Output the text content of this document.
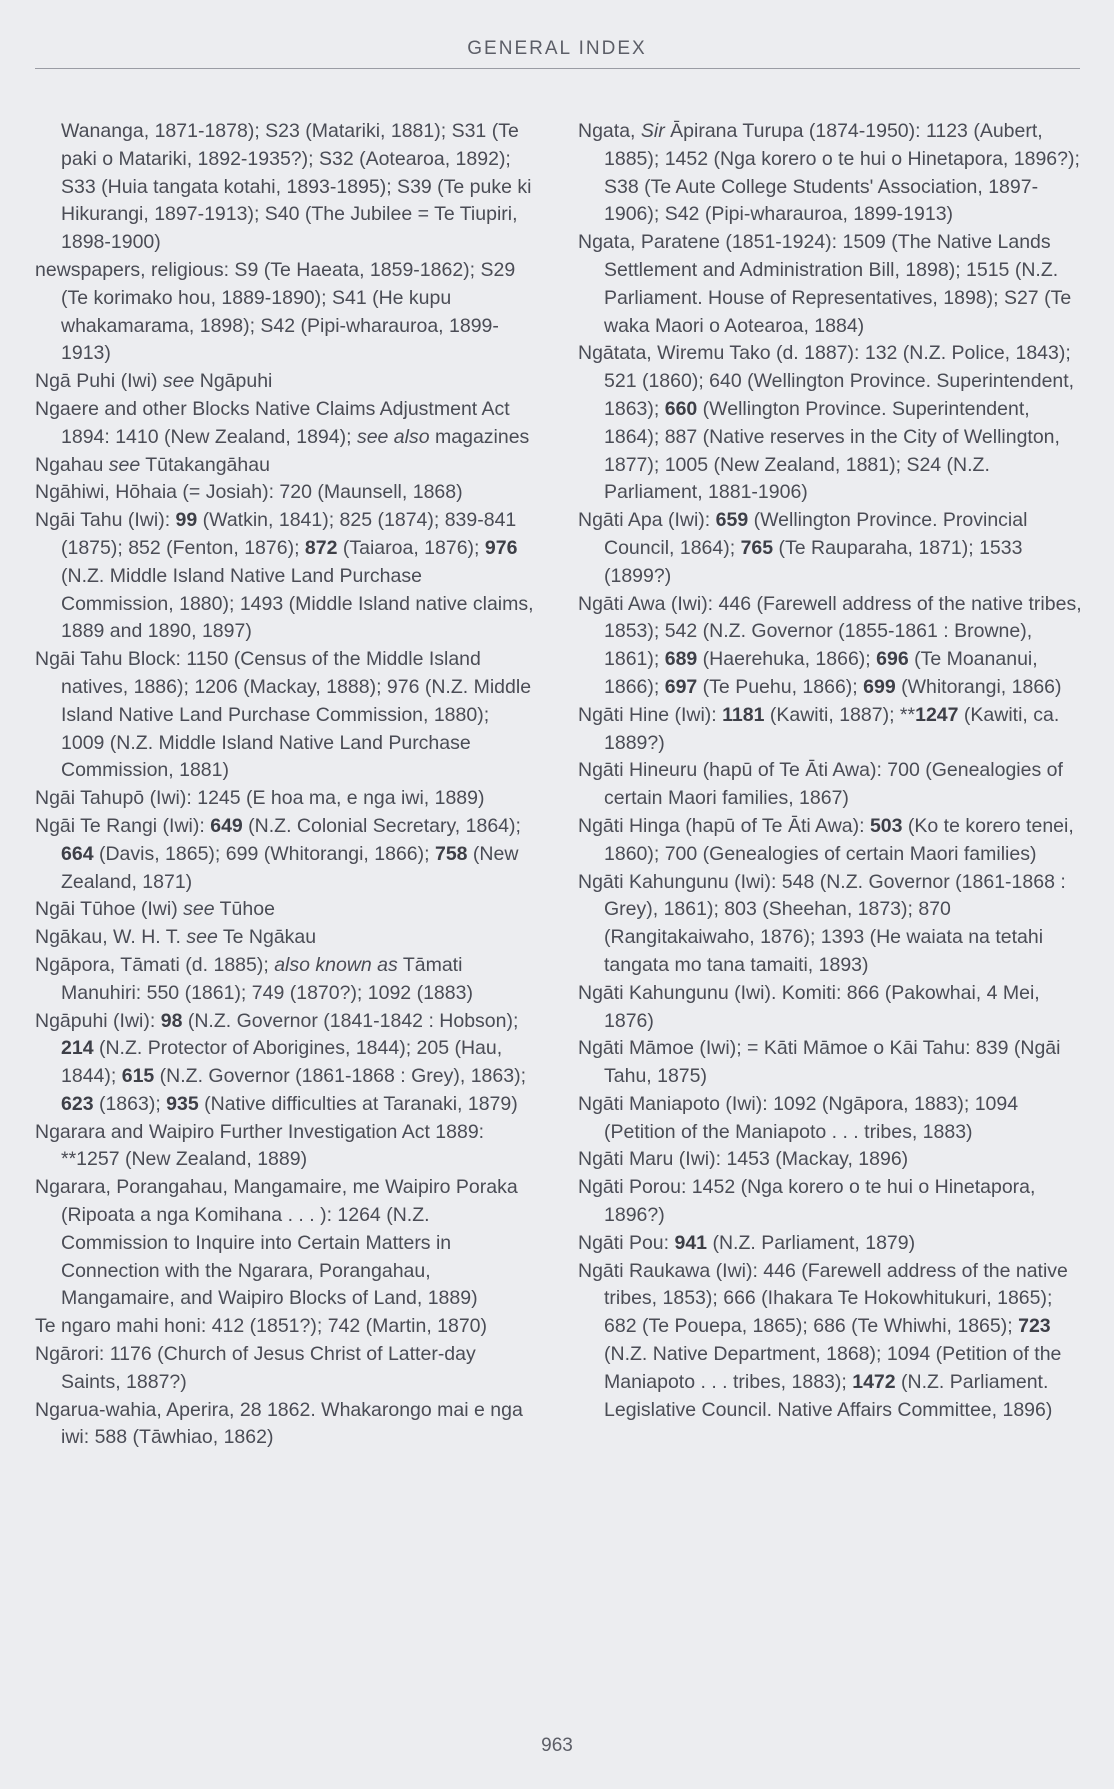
GENERAL INDEX

Wananga, 1871-1878); S23 (Matariki, 1881); S31 (Te paki o Matariki, 1892-1935?); S32 (Aotearoa, 1892); S33 (Huia tangata kotahi, 1893-1895); S39 (Te puke ki Hikurangi, 1897-1913); S40 (The Jubilee = Te Tiupiri, 1898-1900)

newspapers, religious: S9 (Te Haeata, 1859-1862); S29 (Te korimako hou, 1889-1890); S41 (He kupu whakamarama, 1898); S42 (Pipi-wharauroa, 1899-1913)

Ngā Puhi (Iwi) see Ngāpuhi

Ngaere and other Blocks Native Claims Adjustment Act 1894: 1410 (New Zealand, 1894); see also magazines

Ngahau see Tūtakangāhau

Ngāhiwi, Hōhaia (= Josiah): 720 (Maunsell, 1868)

Ngāi Tahu (Iwi): 99 (Watkin, 1841); 825 (1874); 839-841 (1875); 852 (Fenton, 1876); 872 (Taiaroa, 1876); 976 (N.Z. Middle Island Native Land Purchase Commission, 1880); 1493 (Middle Island native claims, 1889 and 1890, 1897)

Ngāi Tahu Block: 1150 (Census of the Middle Island natives, 1886); 1206 (Mackay, 1888); 976 (N.Z. Middle Island Native Land Purchase Commission, 1880); 1009 (N.Z. Middle Island Native Land Purchase Commission, 1881)

Ngāi Tahupō (Iwi): 1245 (E hoa ma, e nga iwi, 1889)

Ngāi Te Rangi (Iwi): 649 (N.Z. Colonial Secretary, 1864); 664 (Davis, 1865); 699 (Whitorangi, 1866); 758 (New Zealand, 1871)

Ngāi Tūhoe (Iwi) see Tūhoe

Ngākau, W. H. T. see Te Ngākau

Ngāpora, Tāmati (d. 1885); also known as Tāmati Manuhiri: 550 (1861); 749 (1870?); 1092 (1883)

Ngāpuhi (Iwi): 98 (N.Z. Governor (1841-1842 : Hobson); 214 (N.Z. Protector of Aborigines, 1844); 205 (Hau, 1844); 615 (N.Z. Governor (1861-1868 : Grey), 1863); 623 (1863); 935 (Native difficulties at Taranaki, 1879)

Ngarara and Waipiro Further Investigation Act 1889: **1257 (New Zealand, 1889)

Ngarara, Porangahau, Mangamaire, me Waipiro Poraka (Ripoata a nga Komihana . . . ): 1264 (N.Z. Commission to Inquire into Certain Matters in Connection with the Ngarara, Porangahau, Mangamaire, and Waipiro Blocks of Land, 1889)

Te ngaro mahi honi: 412 (1851?); 742 (Martin, 1870)

Ngārori: 1176 (Church of Jesus Christ of Latter-day Saints, 1887?)

Ngarua-wahia, Aperira, 28 1862. Whakarongo mai e nga iwi: 588 (Tāwhiao, 1862)

Ngata, Sir Āpirana Turupa (1874-1950): 1123 (Aubert, 1885); 1452 (Nga korero o te hui o Hinetapora, 1896?); S38 (Te Aute College Students' Association, 1897-1906); S42 (Pipi-wharauroa, 1899-1913)

Ngata, Paratene (1851-1924): 1509 (The Native Lands Settlement and Administration Bill, 1898); 1515 (N.Z. Parliament. House of Representatives, 1898); S27 (Te waka Maori o Aotearoa, 1884)

Ngātata, Wiremu Tako (d. 1887): 132 (N.Z. Police, 1843); 521 (1860); 640 (Wellington Province. Superintendent, 1863); 660 (Wellington Province. Superintendent, 1864); 887 (Native reserves in the City of Wellington, 1877); 1005 (New Zealand, 1881); S24 (N.Z. Parliament, 1881-1906)

Ngāti Apa (Iwi): 659 (Wellington Province. Provincial Council, 1864); 765 (Te Rauparaha, 1871); 1533 (1899?)

Ngāti Awa (Iwi): 446 (Farewell address of the native tribes, 1853); 542 (N.Z. Governor (1855-1861 : Browne), 1861); 689 (Haerehuka, 1866); 696 (Te Moananui, 1866); 697 (Te Puehu, 1866); 699 (Whitorangi, 1866)

Ngāti Hine (Iwi): 1181 (Kawiti, 1887); **1247 (Kawiti, ca. 1889?)

Ngāti Hineuru (hapū of Te Āti Awa): 700 (Genealogies of certain Maori families, 1867)

Ngāti Hinga (hapū of Te Āti Awa): 503 (Ko te korero tenei, 1860); 700 (Genealogies of certain Maori families)

Ngāti Kahungunu (Iwi): 548 (N.Z. Governor (1861-1868 : Grey), 1861); 803 (Sheehan, 1873); 870 (Rangitakaiwaho, 1876); 1393 (He waiata na tetahi tangata mo tana tamaiti, 1893)

Ngāti Kahungunu (Iwi). Komiti: 866 (Pakowhai, 4 Mei, 1876)

Ngāti Māmoe (Iwi); = Kāti Māmoe o Kāi Tahu: 839 (Ngāi Tahu, 1875)

Ngāti Maniapoto (Iwi): 1092 (Ngāpora, 1883); 1094 (Petition of the Maniapoto . . . tribes, 1883)

Ngāti Maru (Iwi): 1453 (Mackay, 1896)

Ngāti Porou: 1452 (Nga korero o te hui o Hinetapora, 1896?)

Ngāti Pou: 941 (N.Z. Parliament, 1879)

Ngāti Raukawa (Iwi): 446 (Farewell address of the native tribes, 1853); 666 (Ihakara Te Hokowhitukuri, 1865); 682 (Te Pouepa, 1865); 686 (Te Whiwhi, 1865); 723 (N.Z. Native Department, 1868); 1094 (Petition of the Maniapoto . . . tribes, 1883); 1472 (N.Z. Parliament. Legislative Council. Native Affairs Committee, 1896)

963
